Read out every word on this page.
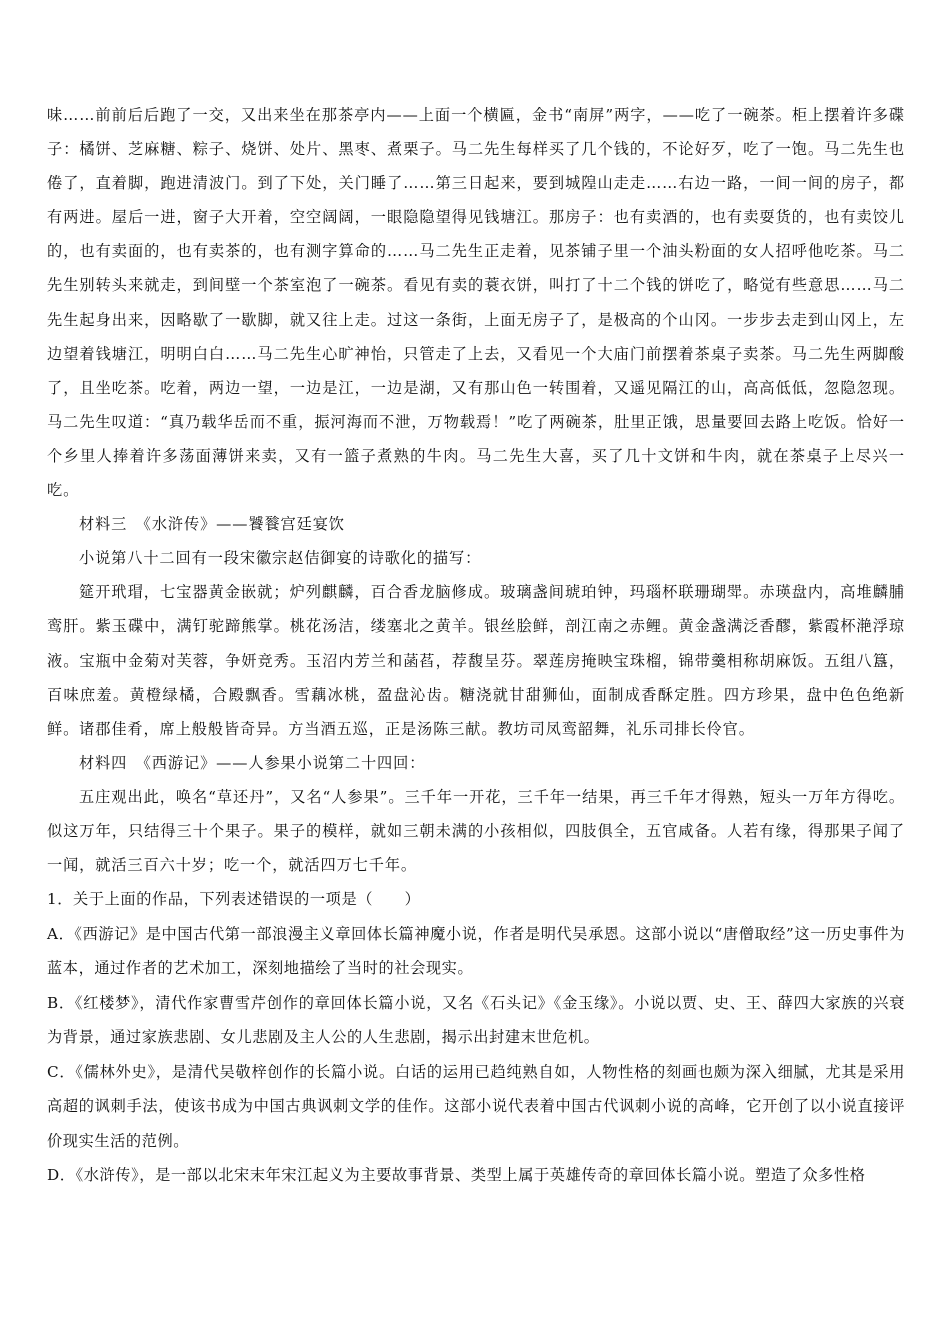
味……前前后后跑了一交，又出来坐在那茶亭内——上面一个横匾，金书“南屏”两字，——吃了一碗茶。柜上摆着许多碟子：橘饼、芝麻糖、粽子、烧饼、处片、黑枣、煮栗子。马二先生每样买了几个钱的，不论好歹，吃了一饱。马二先生也倦了，直着脚，跑进清波门。到了下处，关门睡了……第三日起来，要到城隍山走走……右边一路，一间一间的房子，都有两进。屋后一进，窗子大开着，空空阔阔，一眼隐隐望得见钱塘江。那房子：也有卖酒的，也有卖耍货的，也有卖饺儿的，也有卖面的，也有卖茶的，也有测字算命的……马二先生正走着，见茶铺子里一个油头粉面的女人招呼他吃茶。马二先生别转头来就走，到间壁一个茶室泡了一碗茶。看见有卖的蓑衣饼，叫打了十二个钱的饼吃了，略觉有些意思……马二先生起身出来，因略歇了一歇脚，就又往上走。过这一条街，上面无房子了，是极高的个山冈。一步步去走到山冈上，左边望着钱塘江，明明白白……马二先生心旷神怡，只管走了上去，又看见一个大庙门前摆着茶桌子卖茶。马二先生两脚酸了，且坐吃茶。吃着，两边一望，一边是江，一边是湖，又有那山色一转围着，又遥见隔江的山，高高低低，忽隐忽现。马二先生叹道：“真乃载华岳而不重，振河海而不泄，万物载焉！”吃了两碗茶，肚里正饿，思量要回去路上吃饭。恰好一个乡里人捧着许多荡面薄饼来卖，又有一篮子煮熟的牛肉。马二先生大喜，买了几十文饼和牛肉，就在茶桌子上尽兴一吃。

材料三　《水浒传》——饕餮宫廷宴饮

小说第八十二回有一段宋徽宗赵佶御宴的诗歌化的描写：

筵开玳瑁，七宝器黄金嵌就；炉列麒麟，百合香龙脑修成。玻璃盏间琥珀钟，玛瑙杯联珊瑚斝。赤瑛盘内，高堆麟脯鸾肝。紫玉碟中，满钉驼蹄熊掌。桃花汤洁，缕塞北之黄羊。银丝脍鲜，剖江南之赤鲤。黄金盏满泛香醪，紫霞杯滟浮琼液。宝瓶中金菊对芙蓉，争妍竞秀。玉沼内芳兰和菡萏，荐馥呈芬。翠莲房掩映宝珠榴，锦带羹相称胡麻饭。五组八簋，百味庶羞。黄橙绿橘，合殿飘香。雪藕冰桃，盈盘沁齿。糖浇就甘甜狮仙，面制成香酥定胜。四方珍果，盘中色色绝新鲜。诸郡佳肴，席上般般皆奇异。方当酒五巡，正是汤陈三献。教坊司凤鸾韶舞，礼乐司排长伶官。

材料四　《西游记》——人参果小说第二十四回：

五庄观出此，唤名“草还丹”，又名“人参果”。三千年一开花，三千年一结果，再三千年才得熟，短头一万年方得吃。似这万年，只结得三十个果子。果子的模样，就如三朝未满的小孩相似，四肢俱全，五官咸备。人若有缘，得那果子闻了一闻，就活三百六十岁；吃一个，就活四万七千年。

1．关于上面的作品，下列表述错误的一项是（　　）

A．《西游记》是中国古代第一部浪漫主义章回体长篇神魔小说，作者是明代吴承恩。这部小说以“唐僧取经”这一历史事件为蓝本，通过作者的艺术加工，深刻地描绘了当时的社会现实。

B．《红楼梦》，清代作家曹雪芹创作的章回体长篇小说，又名《石头记》《金玉缘》。小说以贾、史、王、薛四大家族的兴衰为背景，通过家族悲剧、女儿悲剧及主人公的人生悲剧，揭示出封建末世危机。

C．《儒林外史》，是清代吴敬梓创作的长篇小说。白话的运用已趋纯熟自如，人物性格的刻画也颇为深入细腻，尤其是采用高超的讽刺手法，使该书成为中国古典讽刺文学的佳作。这部小说代表着中国古代讽刺小说的高峰，它开创了以小说直接评价现实生活的范例。

D．《水浒传》，是一部以北宋末年宋江起义为主要故事背景、类型上属于英雄传奇的章回体长篇小说。塑造了众多性格
